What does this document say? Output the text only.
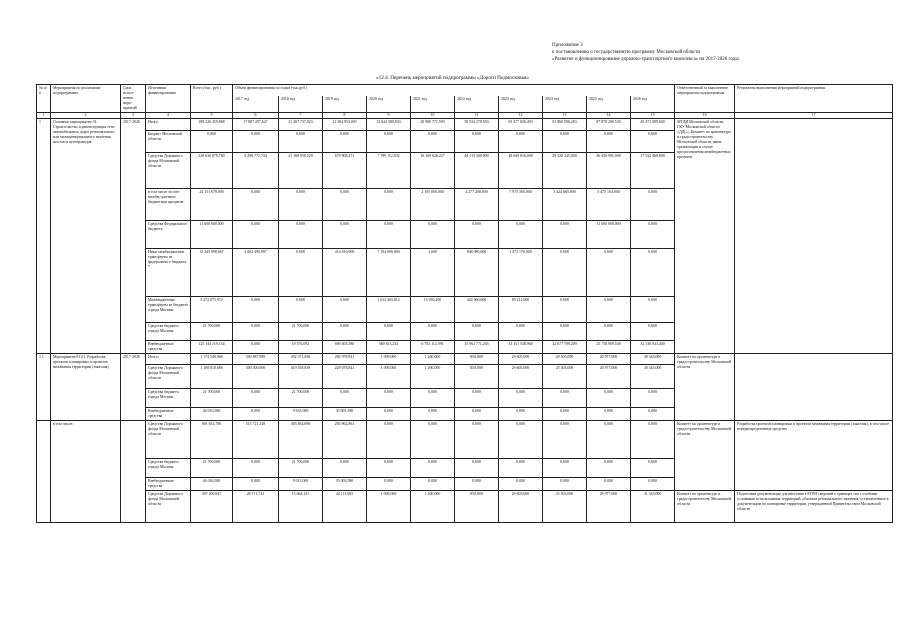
Приложение 3
к постановлению о государственную программу Московской области
«Развитие и функционирование дорожно-транспортного комплекса» на 2017-2026 годы
«12.4. Перечень мероприятий подпрограммы «Дороги Подмосковья»
№ п/п	Мероприятия по реализации подпрограммы	Срок испол-нения меро-приятий	Источники финансирования	Всего (тыс. руб.)	Объем финансирования по годам (тыс.руб.)										Ответственный за выполнение мероприятия подпрограммы	Результаты выполнения мероприятий подпрограммы
					2017 год	2018 год	2019 год	2020 год	2021 год	2022 год	2023 год	2024 год	2025 год	2026 год		
1	2	3	4	5	6	7	8	9	10	11	12	13	14	15	16	17
1	Основное мероприятие 01. Строительство и реконструкция сети автомобильных дорог регионального или межмуниципального значения, мостов и путепроводов	2017-2026	Итого	189 226 459,868	17 887 297,647	21 267 737,023	21 394 953,003	12 044 380,843	20 986 771,593	50 532 270,593	65 477 656,493	81 860 596,283	87 878 290,530	49 471 589,600	МТДИ Московской области, ГКУ Московской области «ДДС», Комитет по архитектуре и градостроительству Московской области, иные организации в случае предоставления межбюджетных кредитов	
			Бюджет Московской области	0,000	0,000	0,000	0,000	0,000	0,000	0,000	0,000	0,000	0,000	0,000		
			Средства Дорожного фонда Московской области	220 630 878,760	8 298 772,744	21 168 958,029	679 808,471	7 789 112,832	16 169 626,227	44 115 300,000	49 649 816,000	29 520 245,000	46 458 981,000	17 532 468,800		
			в том числе за счет межбю-джетных бюджетных кредитов	24 151 679,000	0,000	0,000	0,000	0,000	2 105 000,000	4 277 200,000	7 975 300,000	3 424 665,000	5 475 164,000	0,000		
			Средства Федерального бюджета	11 600 000,000	0,000	0,000	0,000	0,000	0,000	0,000	0,000	0,000	11 600 000,000	0,000		
			Иные межбюджетные трансферты из федерального бюджета *	12 345 998,667	4 002 490,897	0,000	414 616,900	7 184 000,000	1,000	848 080,000	1 473 179,000	0,000	0,000	0,000		
			Межбюджетные трансферты из бюджета города Москвы	5 272 075,972	0,000	0,000	0,000	1 012 363,812	15 030,200	424 960,000	85 212,000	0,000	0,000	0,000		
			Средства бюджета города Москвы	21 700,000	0,000	21 700,000	0,000	0,000	0,000	0,000	0,000	0,000	0,000	0,000		
			Внебюджетные средства	125 144 119,134	0,000	19 576,092	689 403,580	569 813,233	6 703 112,091	15 962 771,265	13 151 548,960	22 677 789,209	25 758 909,530	32 138 043,400		
1.1	Мероприятие 01.01. Разработка проектов планировки и проектов межевания территории (заказчик)	2017-2026	Итого:	1 174 540,966	300 887,989	452 371,836	282 978,841	1 009,000	1 200,000	850,000	29 605,000	29 505,000	20 977,000	30 345,000	Комитет по архитектуре и градостроительству Московской области	
			Средства Дорожного фонда Московской области	1 108 818,686	300 300,000	419 018,839	229 078,841	1 009,000	1 200,000	850,000	29 605,000	25 303,000	20 977,000	30 345,000		
			Средства бюджета города Москвы	21 700,000	0,000	21 700,000	0,000	0,000	0,000	0,000	0,000	0,000	0,000	0,000		
			Внебюджетные средства	44 016,580	0,000	9 653,000	35 001,580	0,000	0,000	0,000	0,000	0,000	0,000	0,000		
	в том числе:		Средства Дорожного фонда Московской области	801 814,780	515 721,249	403 854,690	283 962,861	0,000	0,000	0,000	0,000	0,000	0,000	0,000	Комитет по архитектуре и градостроительству Московской области	Разработка проектов планировки и проектов межевания территории (заказчик), в том числе перераспределенные средства
			Средства бюджета города Москвы	21 700,000	0,000	21 700,000	0,000	0,000	0,000	0,000	0,000	0,000	0,000	0,000		
			Внебюджетные средства	44 016,580	0,000	9 013,000	35 003,580	0,000	0,000	0,000	0,000	0,000	0,000	0,000		
			Средства Дорожного фонда Московской области	307 200,847	28 171,741	15 664,141	44 113,965	1 009,000	1 200,000	850,000	29 605,000	25 303,000	29 977,000	31 345,000	Комитет по архитектуре и градостроительству Московской области	Подготовка документации для внесения в ЕГРН сведений о границах зон с особыми условиями использования территорий, объектов регионального значения, установленных в документации по планировке территории, утвержденной Правительством Московской области
